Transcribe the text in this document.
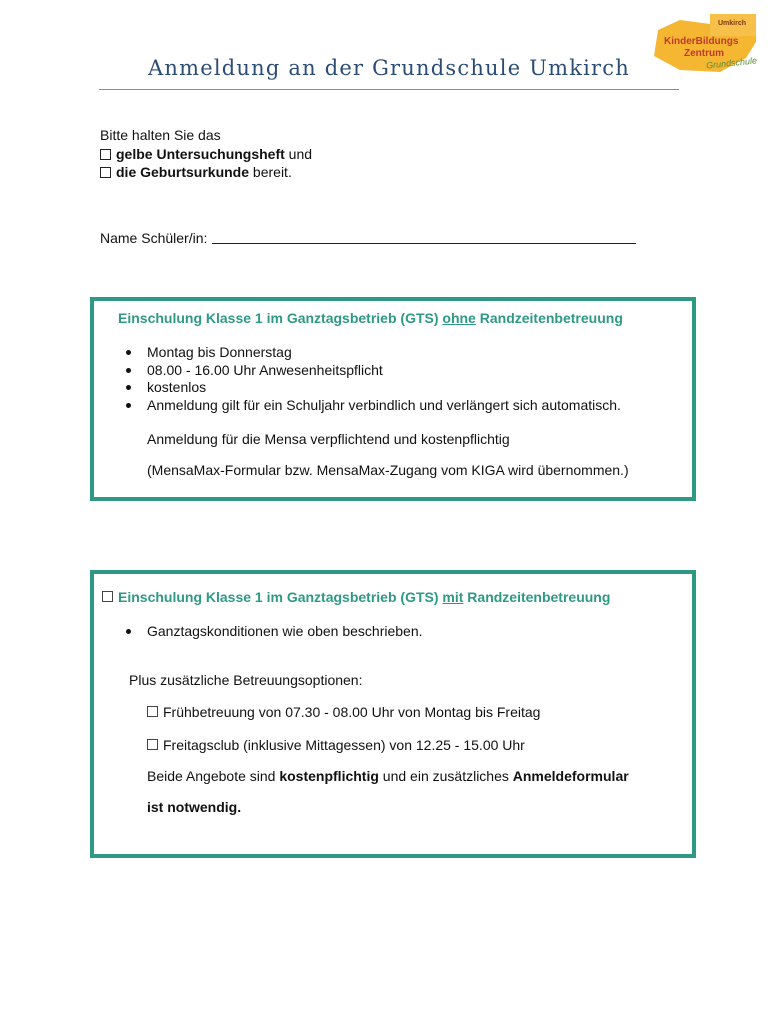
Umkirch
KinderBildungs
Zentrum
Grundschule
Anmeldung an der Grundschule Umkirch
Bitte halten Sie das
gelbe Untersuchungsheft und
die Geburtsurkunde bereit.
Name Schüler/in:
Einschulung Klasse 1 im Ganztagsbetrieb (GTS) ohne Randzeitenbetreuung
Montag bis Donnerstag
08.00 - 16.00 Uhr Anwesenheitspflicht
kostenlos
Anmeldung gilt für ein Schuljahr verbindlich und verlängert sich automatisch.
Anmeldung für die Mensa verpflichtend und kostenpflichtig
(MensaMax-Formular bzw. MensaMax-Zugang vom KIGA wird übernommen.)
Einschulung Klasse 1 im Ganztagsbetrieb (GTS) mit Randzeitenbetreuung
Ganztagskonditionen wie oben beschrieben.
Plus zusätzliche Betreuungsoptionen:
Frühbetreuung von 07.30 - 08.00 Uhr von Montag bis Freitag
Freitagsclub (inklusive Mittagessen) von 12.25 - 15.00 Uhr
Beide Angebote sind kostenpflichtig und ein zusätzliches Anmeldeformular
ist notwendig.
